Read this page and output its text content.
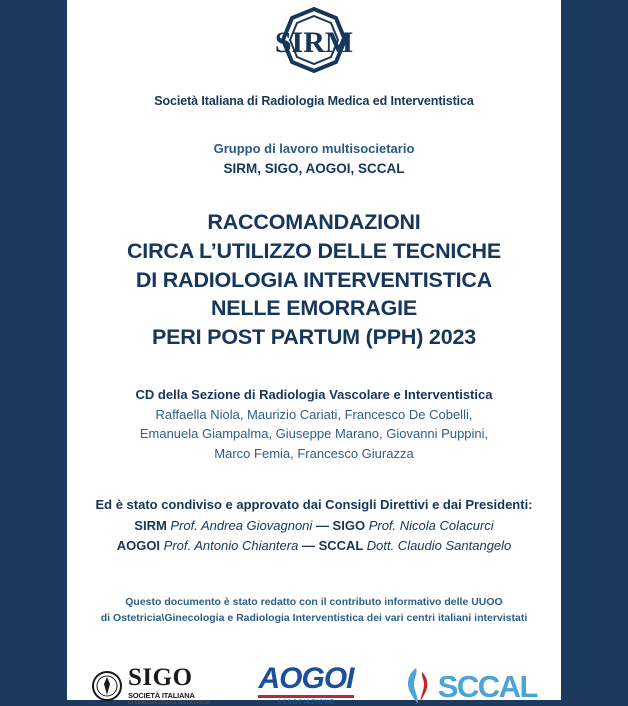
SIRM
Società Italiana di Radiologia Medica ed Interventistica
Gruppo di lavoro multisocietario
SIRM, SIGO, AOGOI, SCCAL
RACCOMANDAZIONI
CIRCA L’UTILIZZO DELLE TECNICHE
DI RADIOLOGIA INTERVENTISTICA
NELLE EMORRAGIE
PERI POST PARTUM (PPH) 2023
CD della Sezione di Radiologia Vascolare e Interventistica
Raffaella Niola, Maurizio Cariati, Francesco De Cobelli,
Emanuela Giampalma, Giuseppe Marano, Giovanni Puppini,
Marco Femia, Francesco Giurazza
Ed è stato condiviso e approvato dai Consigli Direttivi e dai Presidenti:
SIRM Prof. Andrea Giovagnoni — SIGO Prof. Nicola Colacurci
AOGOI Prof. Antonio Chiantera — SCCAL Dott. Claudio Santangelo
Questo documento è stato redatto con il contributo informativo delle UUOO
di Ostetricia\Ginecologia e Radiologia Interventistica dei vari centri italiani intervistati
SIGO
SOCIETÀ ITALIANA
DI GINECOLOGIA E OSTETRICIA
AOGOI
ASSOCIAZIONE	SCCAL
